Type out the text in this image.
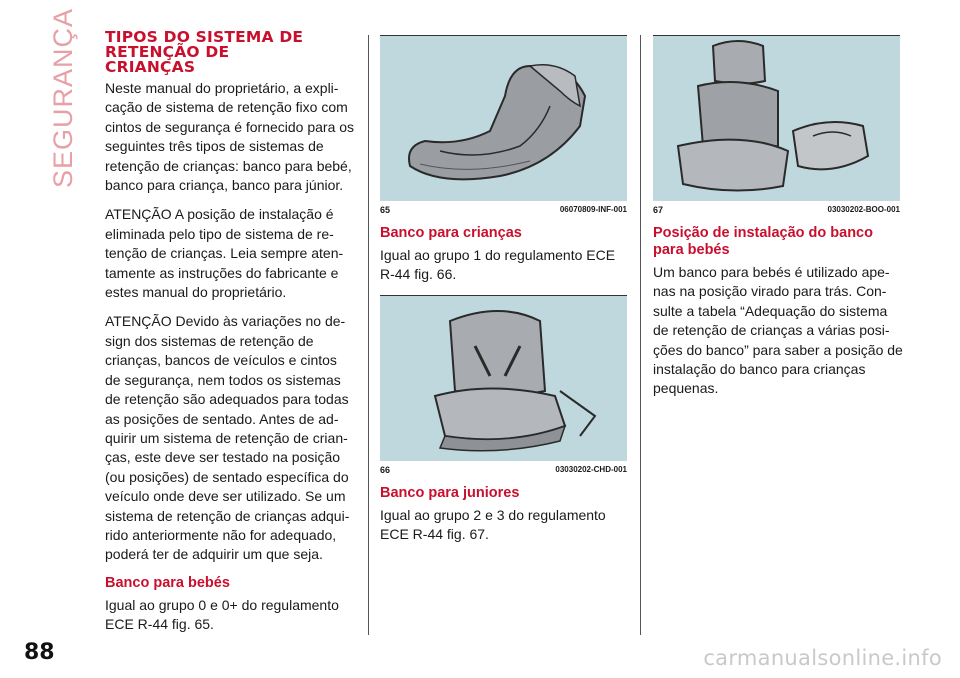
SEGURANÇA
88
TIPOS DO SISTEMA DE
RETENÇÃO DE
CRIANÇAS

Neste manual do proprietário, a expli-cação de sistema de retenção fixo com cintos de segurança é fornecido para os seguintes três tipos de sistemas de retenção de crianças: banco para bebé, banco para criança, banco para júnior.

ATENÇÃO A posição de instalação é eliminada pelo tipo de sistema de re-tenção de crianças. Leia sempre aten-tamente as instruções do fabricante e estes manual do proprietário.

ATENÇÃO Devido às variações no de-sign dos sistemas de retenção de crianças, bancos de veículos e cintos de segurança, nem todos os sistemas de retenção são adequados para todas as posições de sentado. Antes de ad-quirir um sistema de retenção de crian-ças, este deve ser testado na posição (ou posições) de sentado específica do veículo onde deve ser utilizado. Se um sistema de retenção de crianças adqui-rido anteriormente não for adequado, poderá ter de adquirir um que seja.

Banco para bebés

Igual ao grupo 0 e 0+ do regulamento ECE R-44 fig. 65.

65	06070809-INF-001
Banco para crianças

Igual ao grupo 1 do regulamento ECE R-44 fig. 66.

66	03030202-CHD-001
Banco para juniores

Igual ao grupo 2 e 3 do regulamento ECE R-44 fig. 67.

67	03030202-BOO-001
Posição de instalação do banco para bebés

Um banco para bebés é utilizado ape-nas na posição virado para trás. Con-sulte a tabela “Adequação do sistema de retenção de crianças a várias posi-ções do banco” para saber a posição de instalação do banco para crianças pequenas.

carmanualsonline.info
